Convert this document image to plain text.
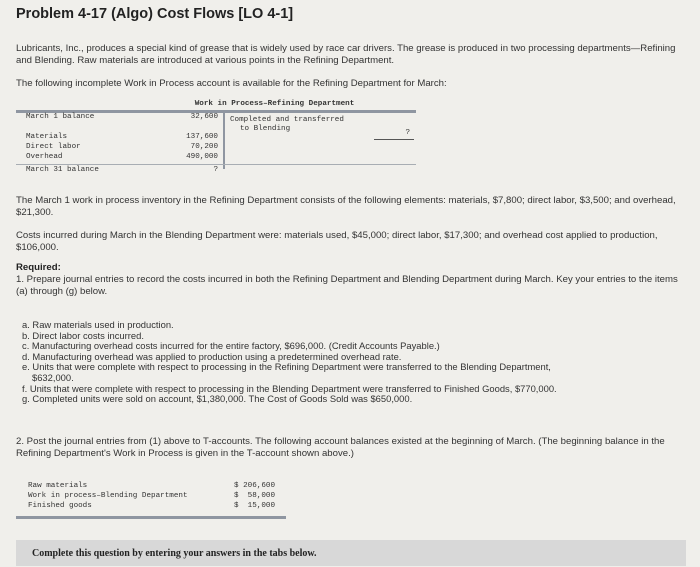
Problem 4-17 (Algo) Cost Flows [LO 4-1]
Lubricants, Inc., produces a special kind of grease that is widely used by race car drivers. The grease is produced in two processing departments—Refining and Blending. Raw materials are introduced at various points in the Refining Department.
The following incomplete Work in Process account is available for the Refining Department for March:
Work in Process–Refining Department
March 1 balance	32,600
Materials	137,600
Direct labor	70,200
Overhead	490,000
March 31 balance	?
Completed and transferred
to Blending	?
The March 1 work in process inventory in the Refining Department consists of the following elements: materials, $7,800; direct labor, $3,500; and overhead, $21,300.
Costs incurred during March in the Blending Department were: materials used, $45,000; direct labor, $17,300; and overhead cost applied to production, $106,000.
Required:
1. Prepare journal entries to record the costs incurred in both the Refining Department and Blending Department during March. Key your entries to the items (a) through (g) below.
a. Raw materials used in production.
b. Direct labor costs incurred.
c. Manufacturing overhead costs incurred for the entire factory, $696,000. (Credit Accounts Payable.)
d. Manufacturing overhead was applied to production using a predetermined overhead rate.
e. Units that were complete with respect to processing in the Refining Department were transferred to the Blending Department,
$632,000.
f. Units that were complete with respect to processing in the Blending Department were transferred to Finished Goods, $770,000.
g. Completed units were sold on account, $1,380,000. The Cost of Goods Sold was $650,000.
2. Post the journal entries from (1) above to T-accounts. The following account balances existed at the beginning of March. (The beginning balance in the Refining Department's Work in Process is given in the T-account shown above.)
Raw materials	$ 206,600
Work in process–Blending Department	$  58,000
Finished goods	$  15,000
Complete this question by entering your answers in the tabs below.
